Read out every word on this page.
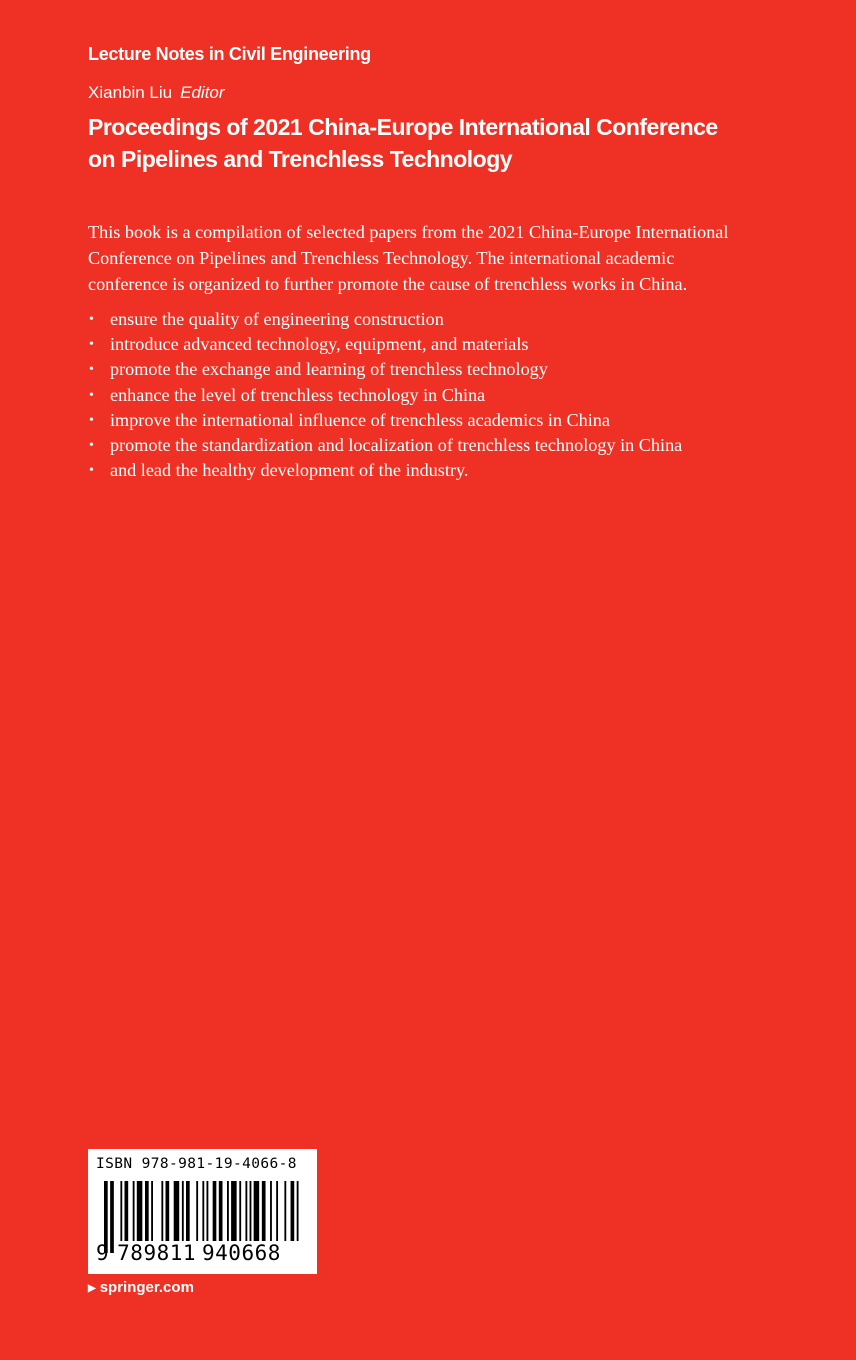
Lecture Notes in Civil Engineering

Xianbin Liu Editor

Proceedings of 2021 China-Europe International Conference
on Pipelines and Trenchless Technology

This book is a compilation of selected papers from the 2021 China-Europe International
Conference on Pipelines and Trenchless Technology. The international academic
conference is organized to further promote the cause of trenchless works in China.

• ensure the quality of engineering construction
• introduce advanced technology, equipment, and materials
• promote the exchange and learning of trenchless technology
• enhance the level of trenchless technology in China
• improve the international influence of trenchless academics in China
• promote the standardization and localization of trenchless technology in China
• and lead the healthy development of the industry.
ISBN 978-981-19-4066-8
9 789811 940668
▶ springer.com
